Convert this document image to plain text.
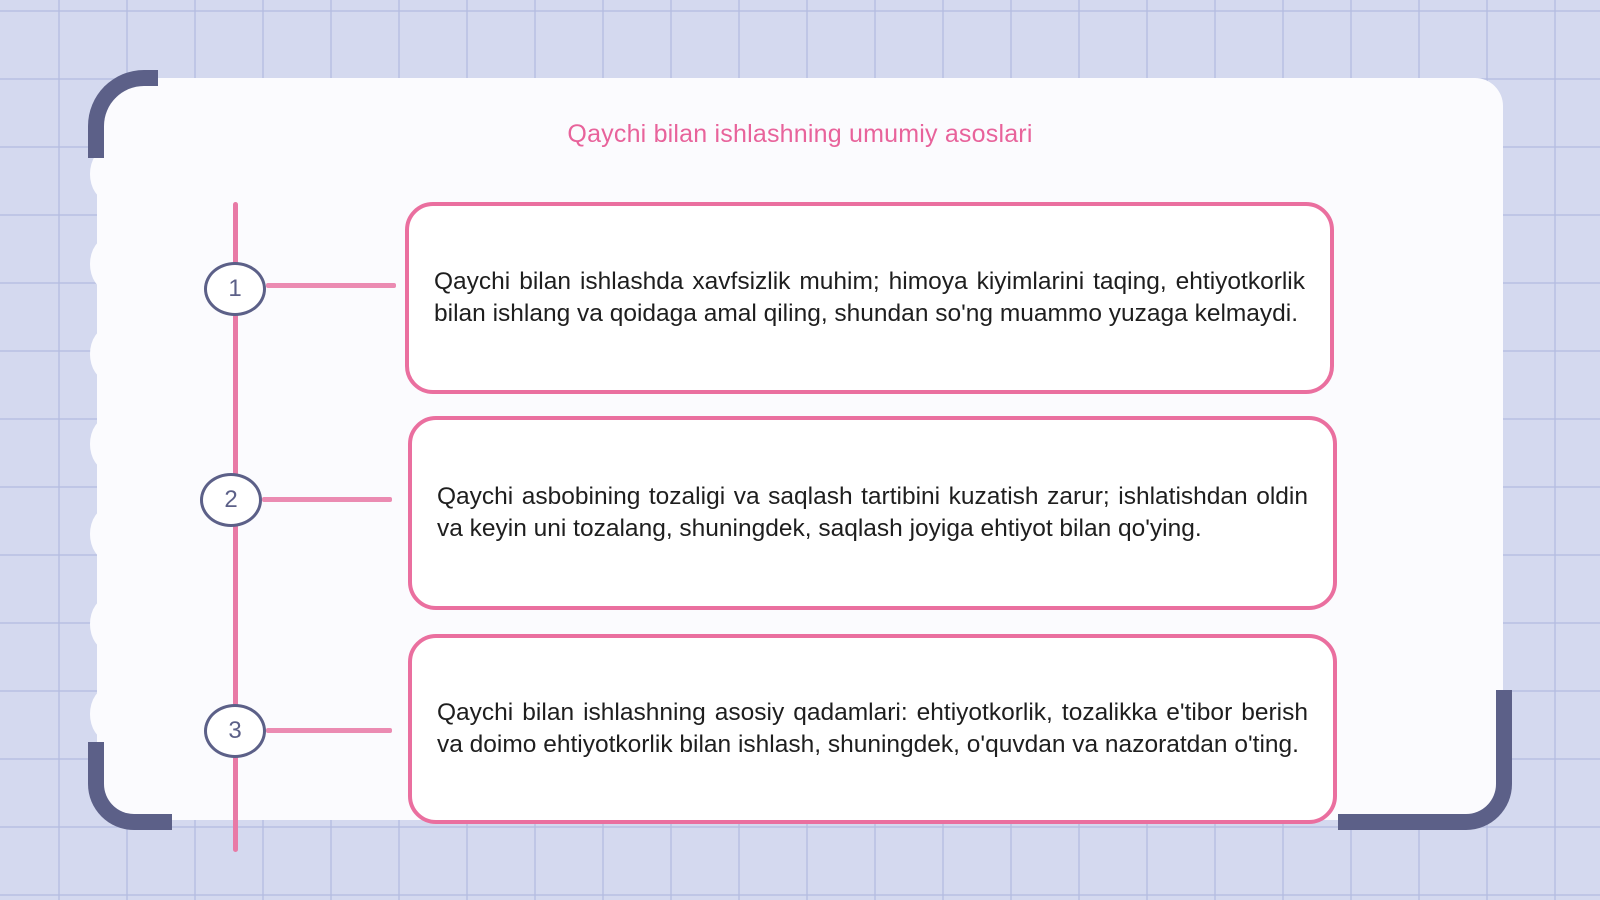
Qaychi bilan ishlashning umumiy asoslari
1
2
3
Qaychi bilan ishlashda xavfsizlik muhim; himoya kiyimlarini taqing, ehtiyotkorlik bilan ishlang va qoidaga amal qiling, shundan so'ng muammo yuzaga kelmaydi.
Qaychi asbobining tozaligi va saqlash tartibini kuzatish zarur; ishlatishdan oldin va keyin uni tozalang, shuningdek, saqlash joyiga ehtiyot bilan qo'ying.
Qaychi bilan ishlashning asosiy qadamlari: ehtiyotkorlik, tozalikka e'tibor berish va doimo ehtiyotkorlik bilan ishlash, shuningdek, o'quvdan va nazoratdan o'ting.
